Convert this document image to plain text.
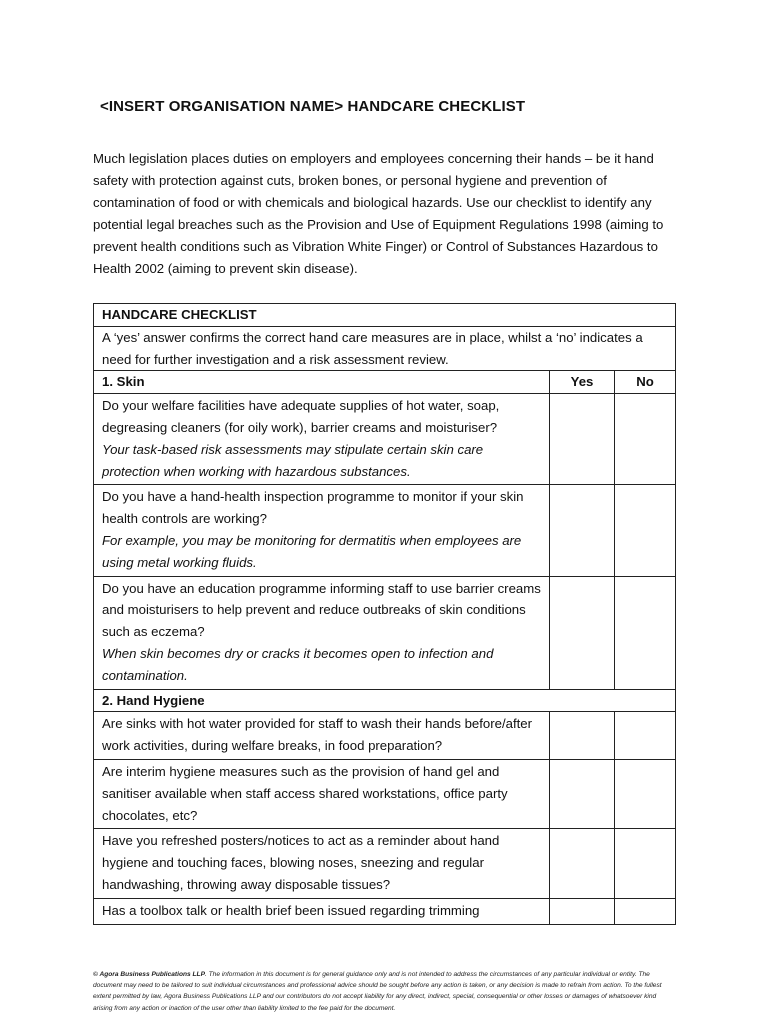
<INSERT ORGANISATION NAME> HANDCARE CHECKLIST
Much legislation places duties on employers and employees concerning their hands – be it hand safety with protection against cuts, broken bones, or personal hygiene and prevention of contamination of food or with chemicals and biological hazards. Use our checklist to identify any potential legal breaches such as the Provision and Use of Equipment Regulations 1998 (aiming to prevent health conditions such as Vibration White Finger) or Control of Substances Hazardous to Health 2002 (aiming to prevent skin disease).
HANDCARE CHECKLIST		
A ‘yes’ answer confirms the correct hand care measures are in place, whilst a ‘no’ indicates a need for further investigation and a risk assessment review.		
1. Skin	Yes	No
Do your welfare facilities have adequate supplies of hot water, soap, degreasing cleaners (for oily work), barrier creams and moisturiser?
Your task-based risk assessments may stipulate certain skin care protection when working with hazardous substances.		

Do you have a hand-health inspection programme to monitor if your skin health controls are working?
For example, you may be monitoring for dermatitis when employees are using metal working fluids.		

Do you have an education programme informing staff to use barrier creams and moisturisers to help prevent and reduce outbreaks of skin conditions such as eczema?
When skin becomes dry or cracks it becomes open to infection and contamination.		

2. Hand Hygiene		
Are sinks with hot water provided for staff to wash their hands before/after work activities, during welfare breaks, in food preparation?		
Are interim hygiene measures such as the provision of hand gel and sanitiser available when staff access shared workstations, office party chocolates, etc?		
Have you refreshed posters/notices to act as a reminder about hand hygiene and touching faces, blowing noses, sneezing and regular handwashing, throwing away disposable tissues?		
Has a toolbox talk or health brief been issued regarding trimming		
© Agora Business Publications LLP. The information in this document is for general guidance only and is not intended to address the circumstances of any particular individual or entity. The document may need to be tailored to suit individual circumstances and professional advice should be sought before any action is taken, or any decision is made to refrain from action. To the fullest extent permitted by law, Agora Business Publications LLP and our contributors do not accept liability for any direct, indirect, special, consequential or other losses or damages of whatsoever kind arising from any action or inaction of the user other than liability limited to the fee paid for the document.
